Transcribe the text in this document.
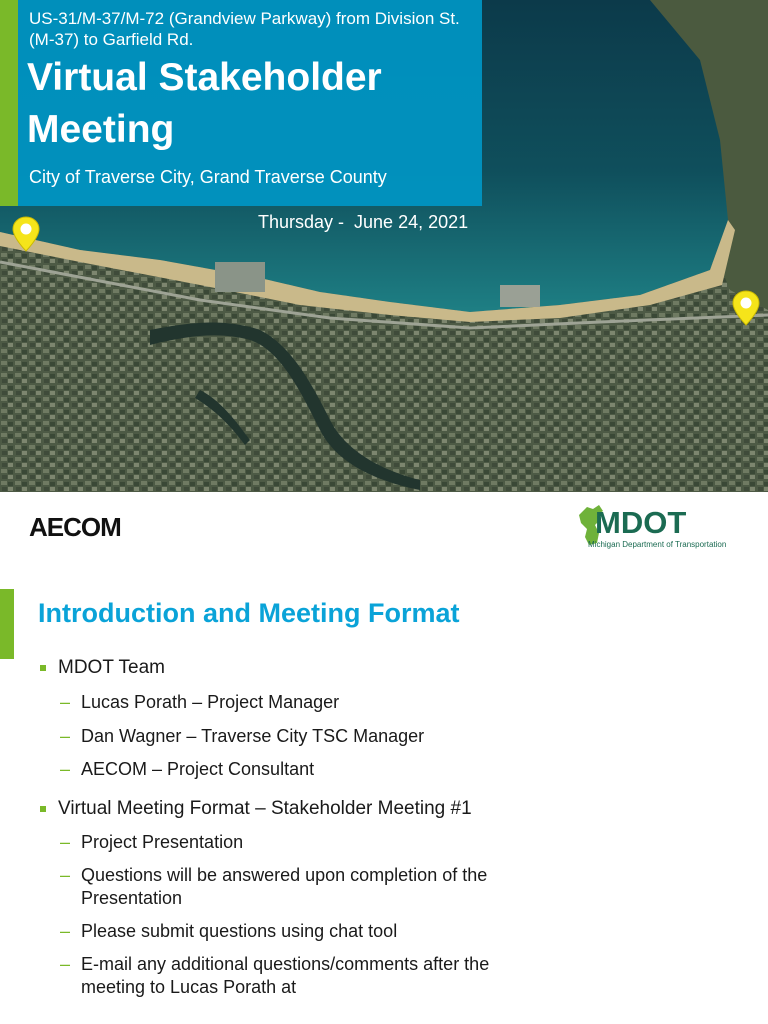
US-31/M-37/M-72 (Grandview Parkway) from Division St. (M-37) to Garfield Rd.
Virtual Stakeholder Meeting
City of Traverse City, Grand Traverse County
Thursday -  June 24, 2021
AECOM	MDOT
Michigan Department of Transportation
Introduction and Meeting Format

MDOT Team

– Lucas Porath – Project Manager

– Dan Wagner – Traverse City TSC Manager

– AECOM – Project Consultant

Virtual Meeting Format – Stakeholder Meeting #1

– Project Presentation

– Questions will be answered upon completion of the Presentation

– Please submit questions using chat tool

– E-mail any additional questions/comments after the meeting to Lucas Porath at
